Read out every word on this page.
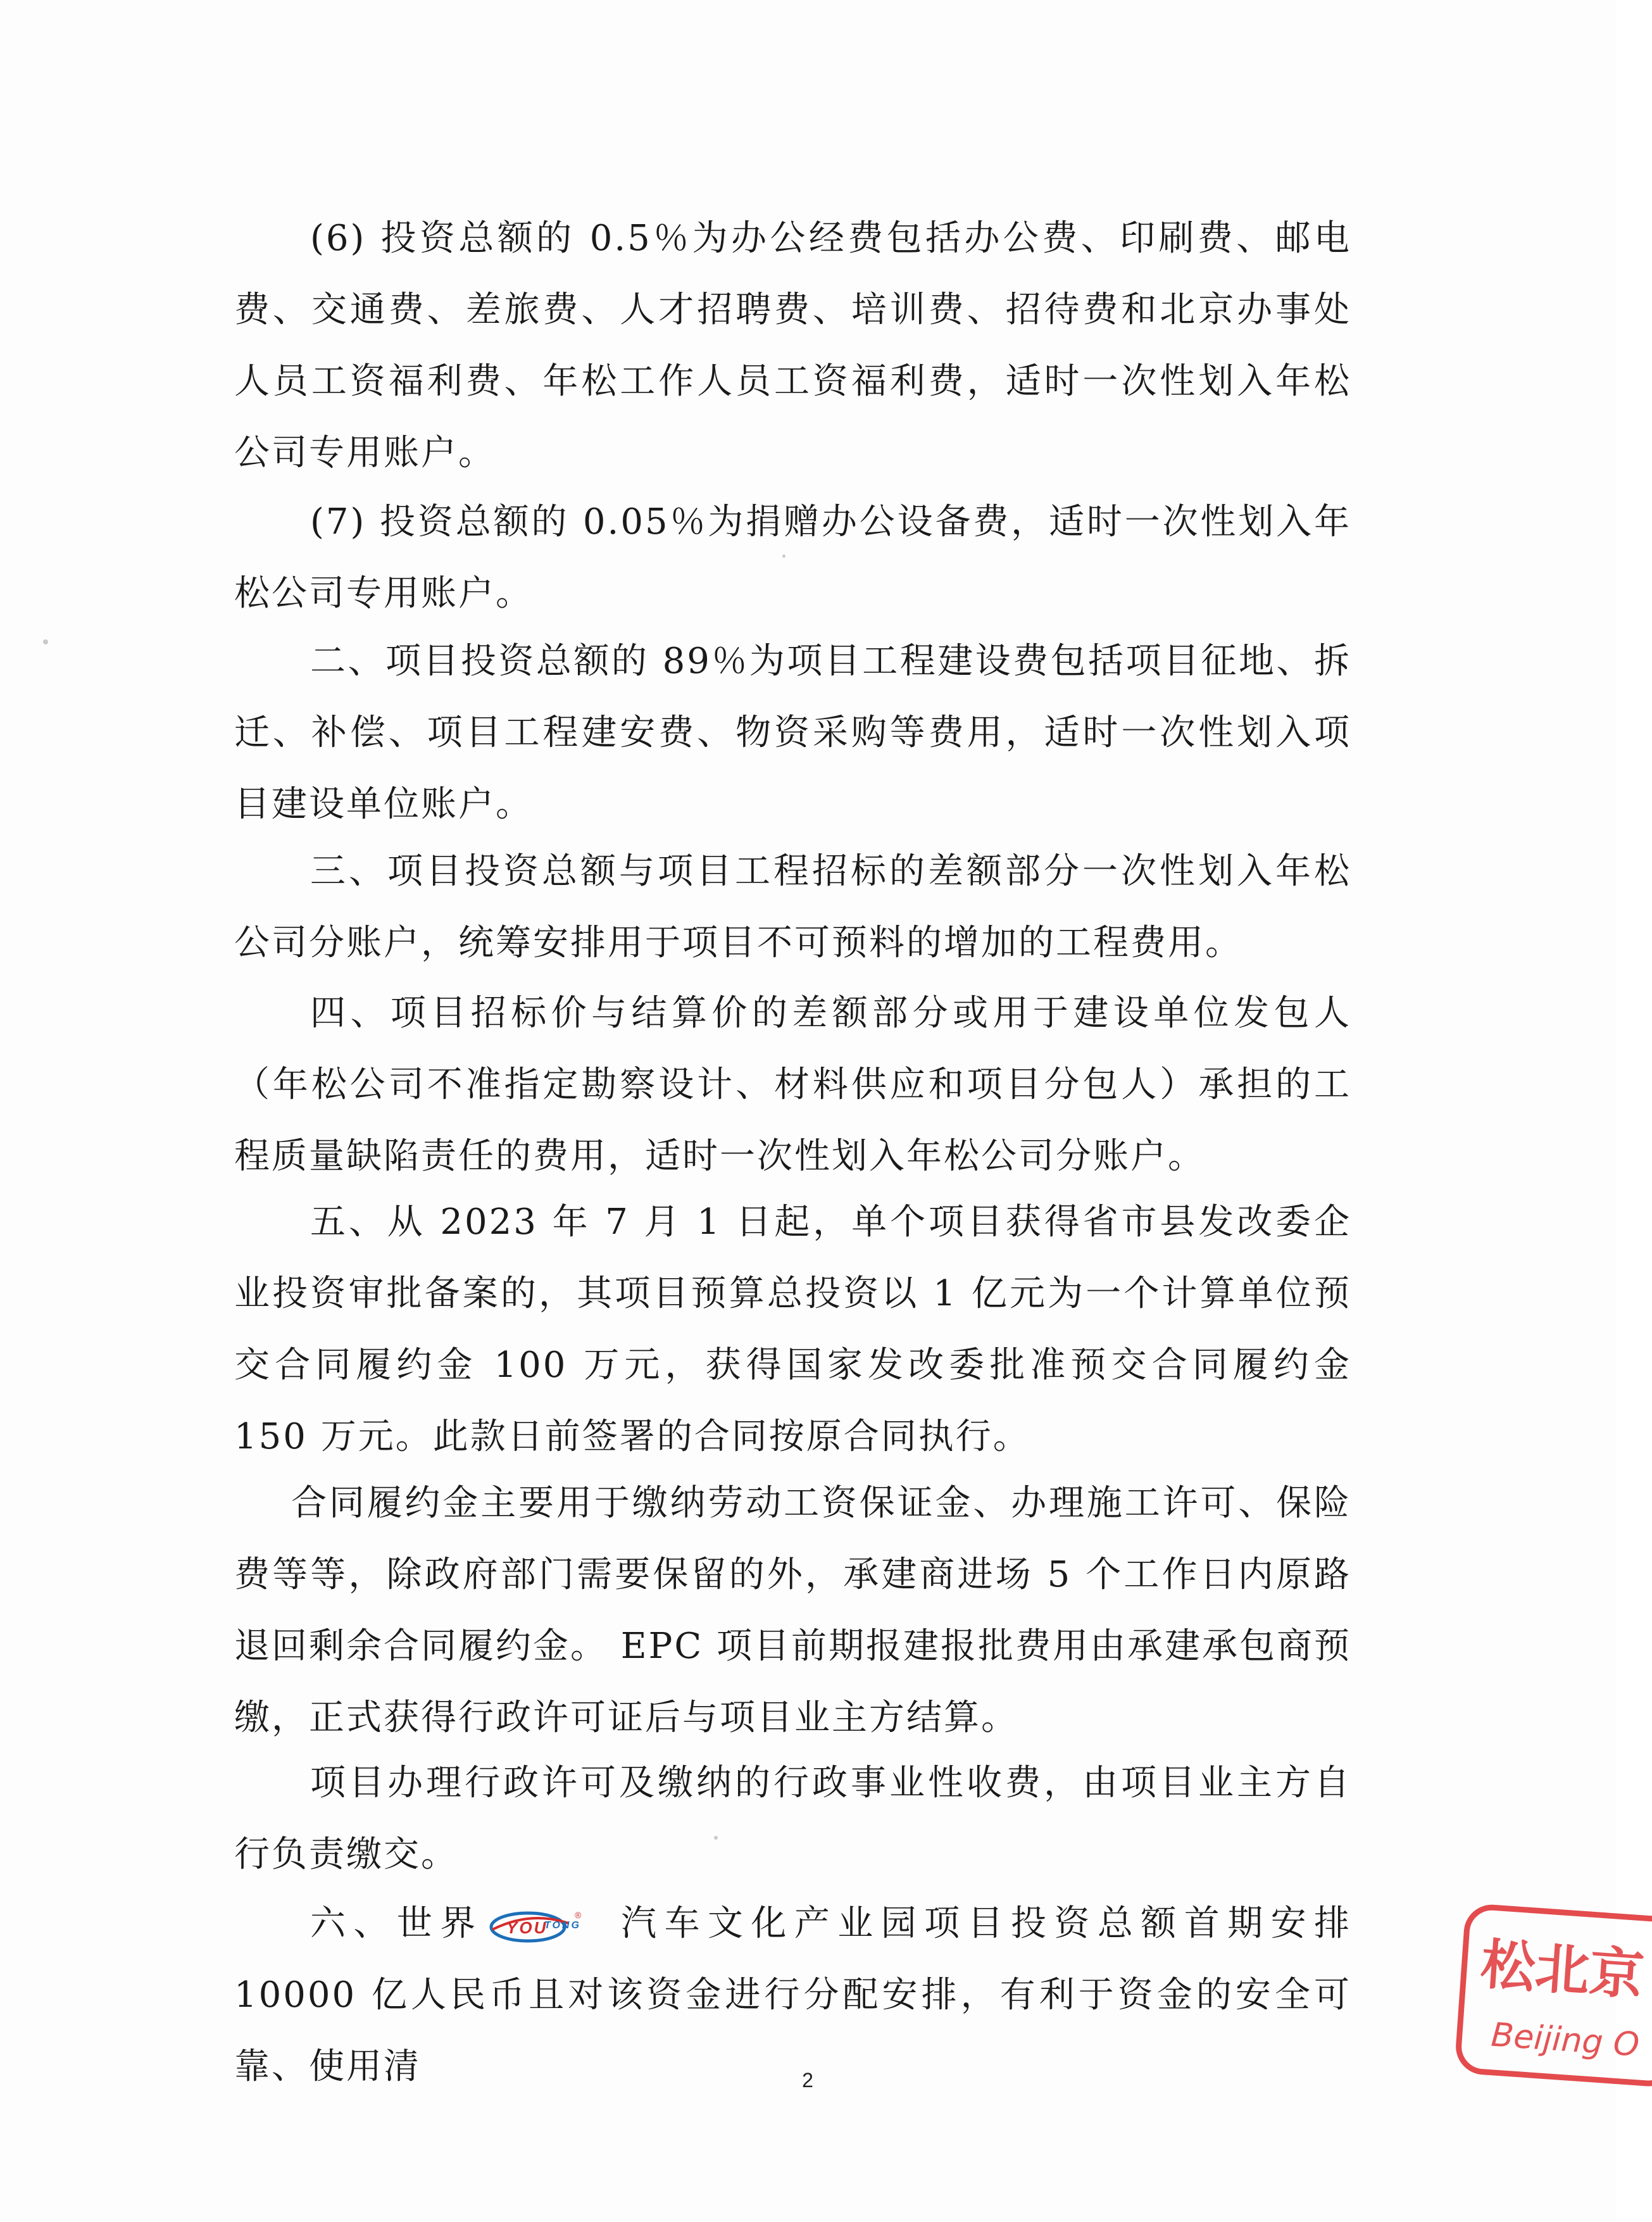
(6) 投资总额的 0.5％为办公经费包括办公费、印刷费、邮电费、交通费、差旅费、人才招聘费、培训费、招待费和北京办事处人员工资福利费、年松工作人员工资福利费，适时一次性划入年松公司专用账户。

(7) 投资总额的 0.05％为捐赠办公设备费，适时一次性划入年松公司专用账户。

二、项目投资总额的 89％为项目工程建设费包括项目征地、拆迁、补偿、项目工程建安费、物资采购等费用，适时一次性划入项目建设单位账户。

三、项目投资总额与项目工程招标的差额部分一次性划入年松公司分账户，统筹安排用于项目不可预料的增加的工程费用。

四、项目招标价与结算价的差额部分或用于建设单位发包人（年松公司不准指定勘察设计、材料供应和项目分包人）承担的工程质量缺陷责任的费用，适时一次性划入年松公司分账户。

五、从 2023 年 7 月 1 日起，单个项目获得省市县发改委企业投资审批备案的，其项目预算总投资以 1 亿元为一个计算单位预交合同履约金 100 万元，获得国家发改委批准预交合同履约金 150 万元。此款日前签署的合同按原合同执行。

合同履约金主要用于缴纳劳动工资保证金、办理施工许可、保险费等等，除政府部门需要保留的外，承建商进场 5 个工作日内原路退回剩余合同履约金。 EPC 项目前期报建报批费用由承建承包商预缴，正式获得行政许可证后与项目业主方结算。

项目办理行政许可及缴纳的行政事业性收费，由项目业主方自行负责缴交。

六、世界 YOU
TONG
® 汽车文化产业园项目投资总额首期安排 10000 亿人民币且对该资金进行分配安排，有利于资金的安全可靠、使用清	2
松北京
Beijing O
